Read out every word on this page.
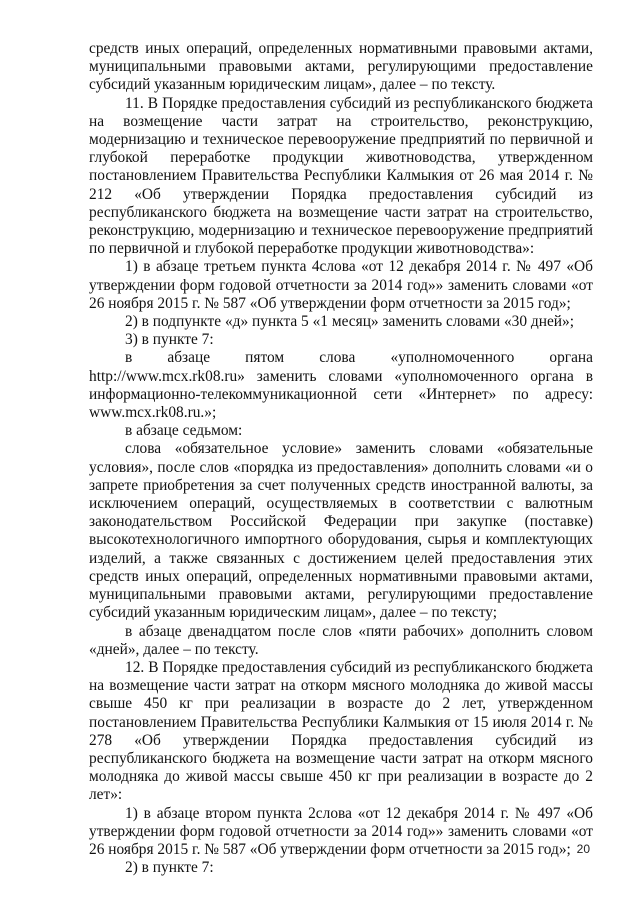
средств иных операций, определенных нормативными правовыми актами, муниципальными правовыми актами, регулирующими предоставление субсидий указанным юридическим лицам», далее – по тексту.

11. В Порядке предоставления субсидий из республиканского бюджета на возмещение части затрат на строительство, реконструкцию, модернизацию и техническое перевооружение предприятий по первичной и глубокой переработке продукции животноводства, утвержденном постановлением Правительства Республики Калмыкия от 26 мая 2014 г. № 212 «Об утверждении Порядка предоставления субсидий из республиканского бюджета на возмещение части затрат на строительство, реконструкцию, модернизацию и техническое перевооружение предприятий по первичной и глубокой переработке продукции животноводства»:

1) в абзаце третьем пункта 4слова «от 12 декабря 2014 г. № 497 «Об утверждении форм годовой отчетности за 2014 год»» заменить словами «от 26 ноября 2015 г. № 587 «Об утверждении форм отчетности за 2015 год»;

2) в подпункте «д» пункта 5 «1 месяц» заменить словами «30 дней»;

3) в пункте 7:

в абзаце пятом слова «уполномоченного органа http://www.mcx.rk08.ru» заменить словами «уполномоченного органа в информационно-телекоммуникационной сети «Интернет» по адресу: www.mcx.rk08.ru.»;

в абзаце седьмом:

слова «обязательное условие» заменить словами «обязательные условия», после слов «порядка из предоставления» дополнить словами «и о запрете приобретения за счет полученных средств иностранной валюты, за исключением операций, осуществляемых в соответствии с валютным законодательством Российской Федерации при закупке (поставке) высокотехнологичного импортного оборудования, сырья и комплектующих изделий, а также связанных с достижением целей предоставления этих средств иных операций, определенных нормативными правовыми актами, муниципальными правовыми актами, регулирующими предоставление субсидий указанным юридическим лицам», далее – по тексту;

в абзаце двенадцатом после слов «пяти рабочих» дополнить словом «дней», далее – по тексту.

12. В Порядке предоставления субсидий из республиканского бюджета на возмещение части затрат на откорм мясного молодняка до живой массы свыше 450 кг при реализации в возрасте до 2 лет, утвержденном постановлением Правительства Республики Калмыкия от 15 июля 2014 г. № 278 «Об утверждении Порядка предоставления субсидий из республиканского бюджета на возмещение части затрат на откорм мясного молодняка до живой массы свыше 450 кг при реализации в возрасте до 2 лет»:

1) в абзаце втором пункта 2слова «от 12 декабря 2014 г. № 497 «Об утверждении форм годовой отчетности за 2014 год»» заменить словами «от 26 ноября 2015 г. № 587 «Об утверждении форм отчетности за 2015 год»;

2) в пункте 7:

20
